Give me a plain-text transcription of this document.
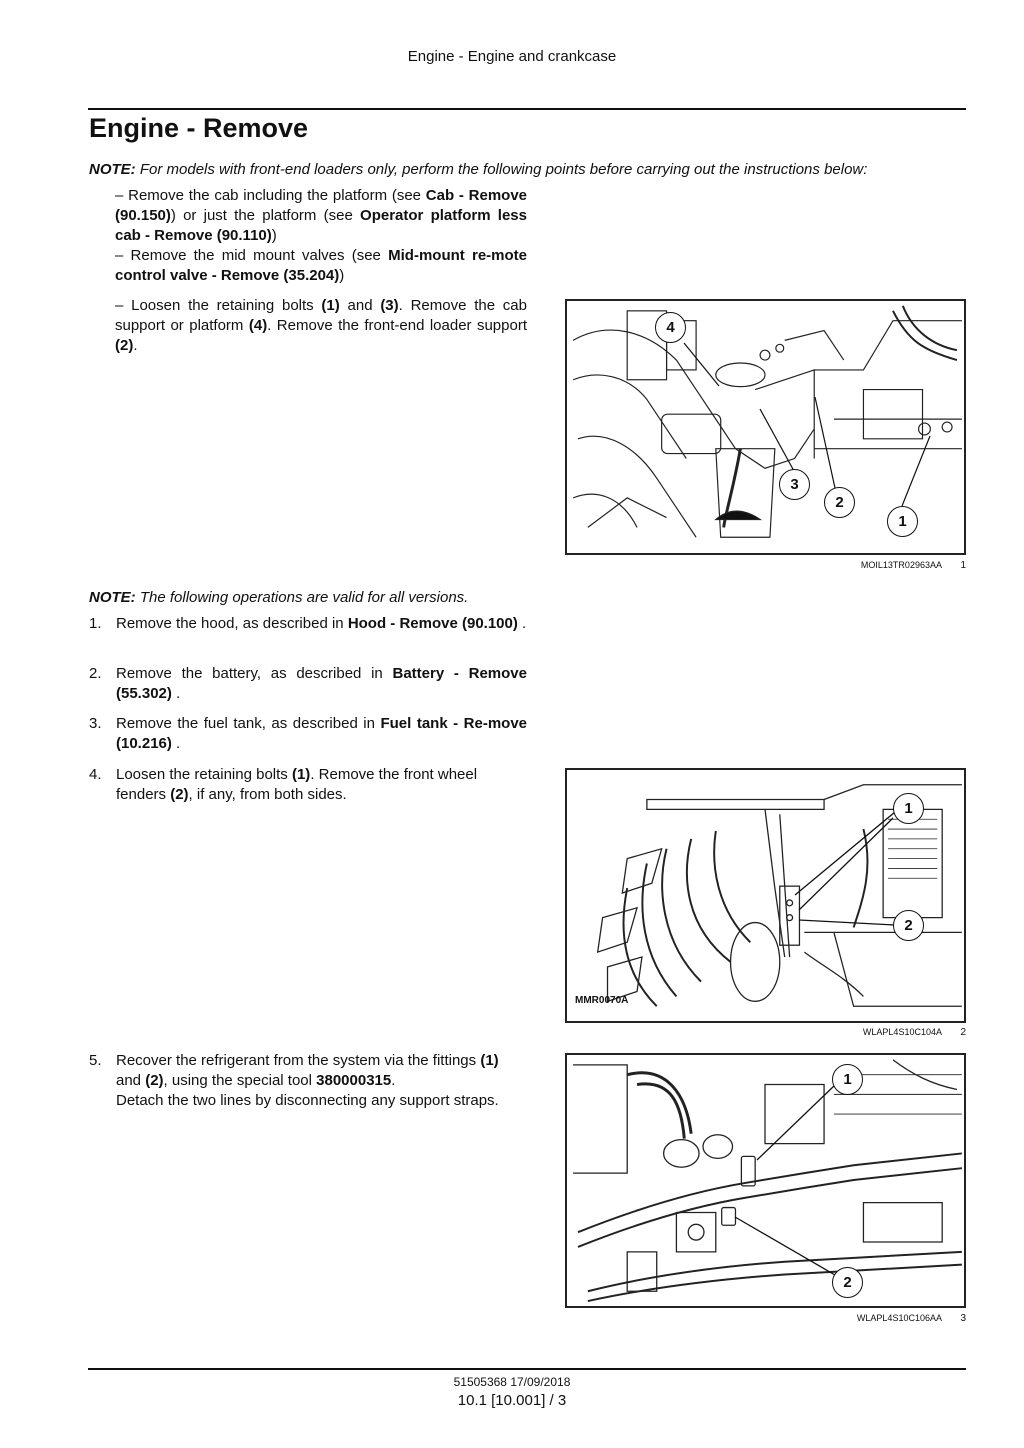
Engine - Engine and crankcase
Engine - Remove
NOTE: For models with front-end loaders only, perform the following points before carrying out the instructions below:
– Remove the cab including the platform (see Cab - Remove (90.150)) or just the platform (see Operator platform less cab - Remove (90.110))
– Remove the mid mount valves (see Mid-mount re-mote control valve - Remove (35.204))
– Loosen the retaining bolts (1) and (3). Remove the cab support or platform (4). Remove the front-end loader support (2).
4
3
2
1
MOIL13TR02963AA 1
NOTE: The following operations are valid for all versions.
1. Remove the hood, as described in Hood - Remove (90.100) .
2. Remove the battery, as described in Battery - Remove (55.302) .
3. Remove the fuel tank, as described in Fuel tank - Re-move (10.216) .
4. Loosen the retaining bolts (1). Remove the front wheel fenders (2), if any, from both sides.
1
2
MMR0070A
WLAPL4S10C104A 2
5. Recover the refrigerant from the system via the fittings (1) and (2), using the special tool 380000315.
Detach the two lines by disconnecting any support straps.
1
2
WLAPL4S10C106AA 3
51505368 17/09/2018
10.1 [10.001] / 3
